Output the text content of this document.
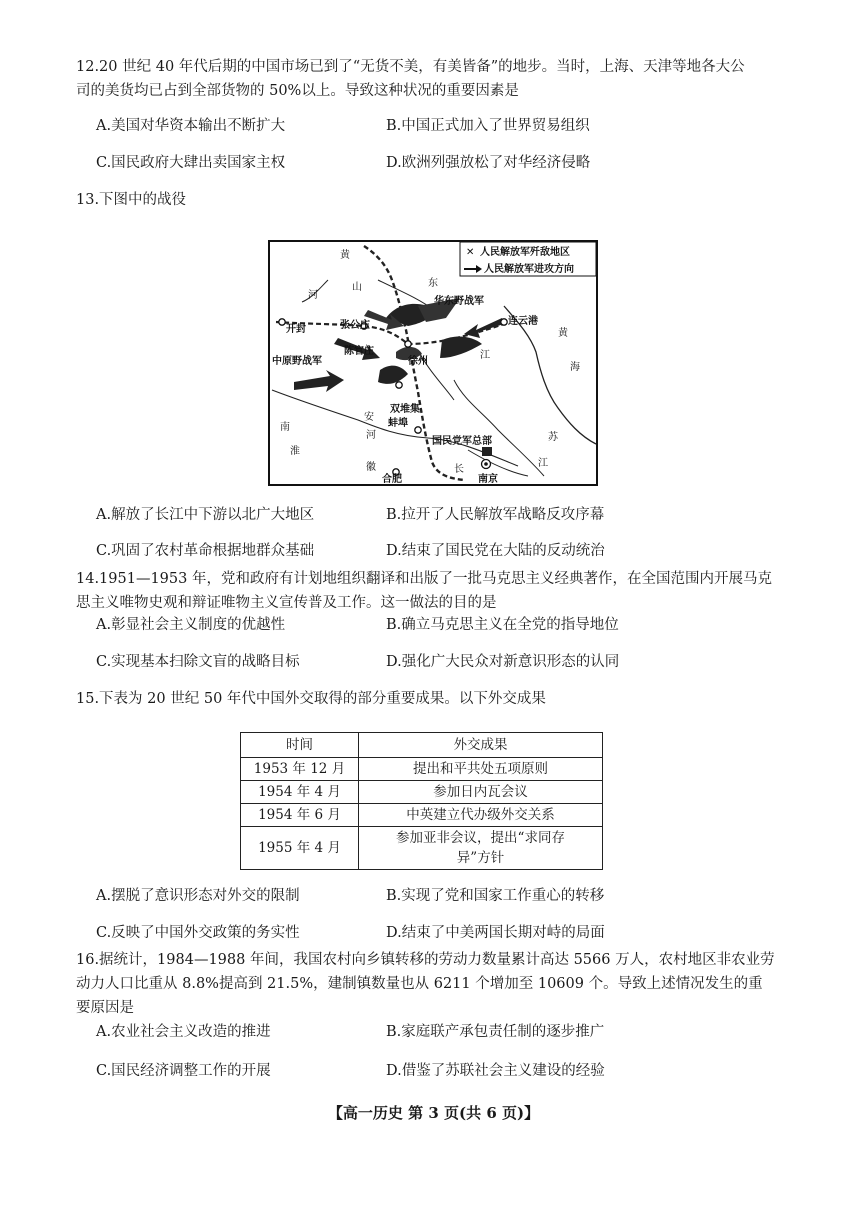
12.20 世纪 40 年代后期的中国市场已到了“无货不美，有美皆备”的地步。当时，上海、天津等地各大公
司的美货均已占到全部货物的 50%以上。导致这种状况的重要因素是
A.美国对华资本输出不断扩大	B.中国正式加入了世界贸易组织
C.国民政府大肆出卖国家主权	D.欧洲列强放松了对华经济侵略
13.下图中的战役
✕ 人民解放军歼敌地区
人民解放军进攻方向
黄
河
山	东
开封	张公庄
华东野战军
连云港
黄
海
中原野战军
陈官庄
徐州
江
南
安
双堆集
蚌埠
淮
河	苏
国民党军总部
徽
合肥
长
南京
江
A.解放了长江中下游以北广大地区	B.拉开了人民解放军战略反攻序幕
C.巩固了农村革命根据地群众基础	D.结束了国民党在大陆的反动统治
14.1951—1953 年，党和政府有计划地组织翻译和出版了一批马克思主义经典著作，在全国范围内开展马克
思主义唯物史观和辩证唯物主义宣传普及工作。这一做法的目的是
A.彰显社会主义制度的优越性	B.确立马克思主义在全党的指导地位
C.实现基本扫除文盲的战略目标	D.强化广大民众对新意识形态的认同
15.下表为 20 世纪 50 年代中国外交取得的部分重要成果。以下外交成果
时间	外交成果
1953 年 12 月	提出和平共处五项原则
1954 年 4 月	参加日内瓦会议
1954 年 6 月	中英建立代办级外交关系
1955 年 4 月	参加亚非会议，提出“求同存异”方针
A.摆脱了意识形态对外交的限制	B.实现了党和国家工作重心的转移
C.反映了中国外交政策的务实性	D.结束了中美两国长期对峙的局面
16.据统计，1984—1988 年间，我国农村向乡镇转移的劳动力数量累计高达 5566 万人，农村地区非农业劳
动力人口比重从 8.8%提高到 21.5%，建制镇数量也从 6211 个增加至 10609 个。导致上述情况发生的重
要原因是
A.农业社会主义改造的推进	B.家庭联产承包责任制的逐步推广
C.国民经济调整工作的开展	D.借鉴了苏联社会主义建设的经验
【高一历史 第 3 页(共 6 页)】
